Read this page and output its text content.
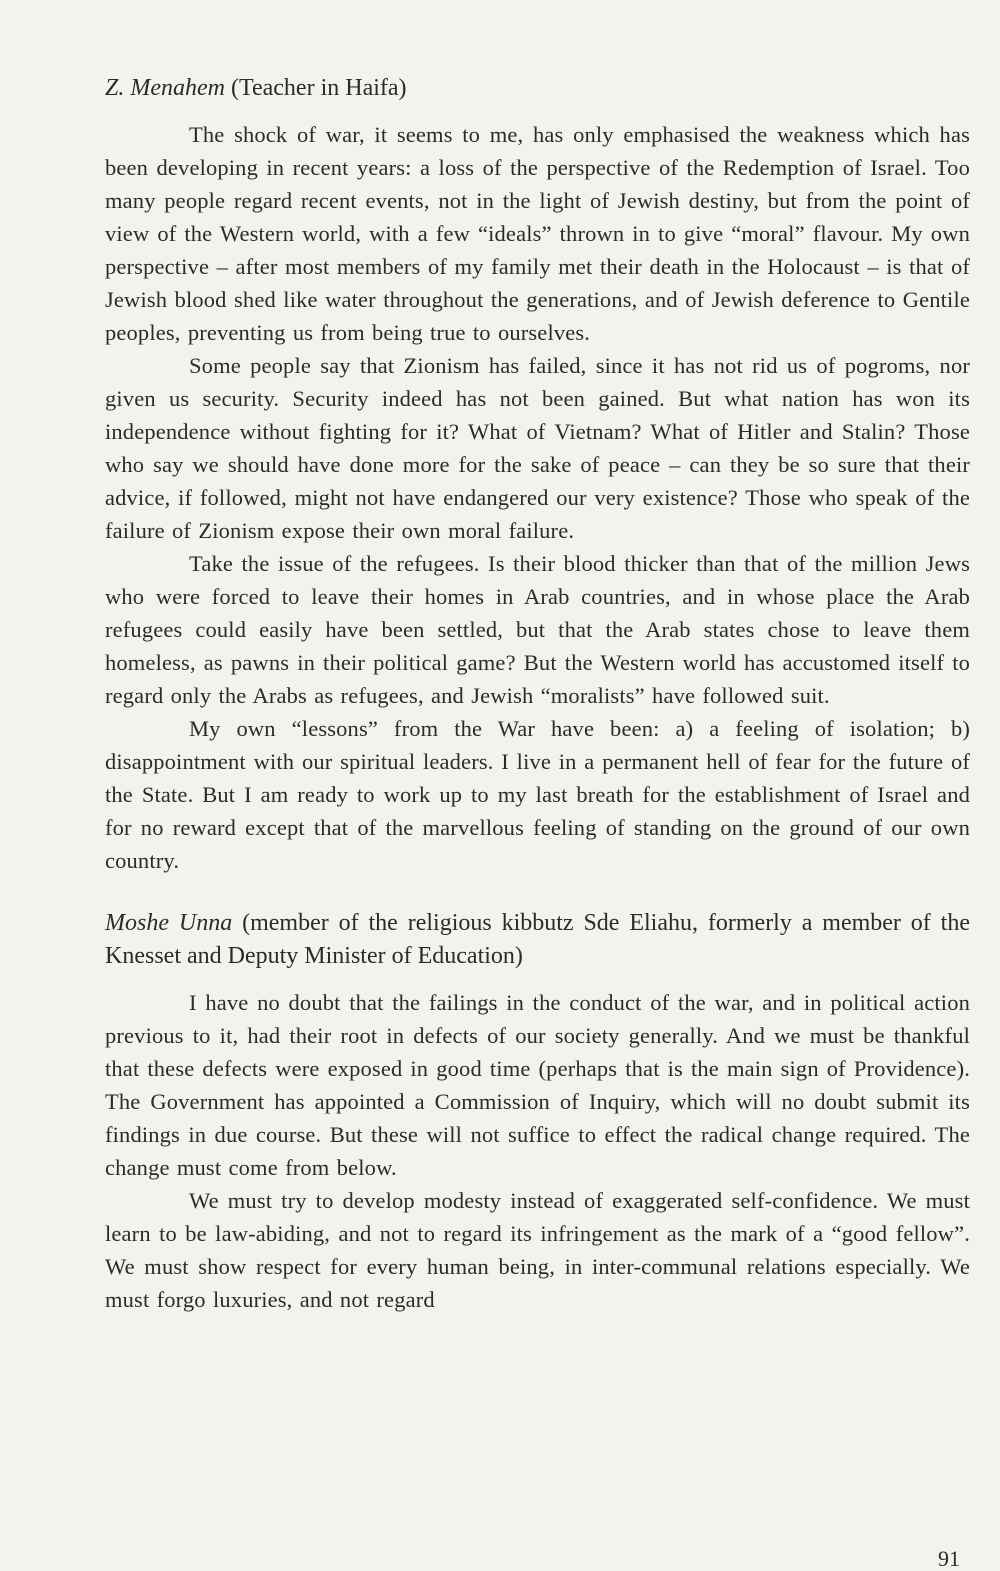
Z. Menahem (Teacher in Haifa)

The shock of war, it seems to me, has only emphasised the weakness which has been developing in recent years: a loss of the perspective of the Redemption of Israel. Too many people regard recent events, not in the light of Jewish destiny, but from the point of view of the Western world, with a few “ideals” thrown in to give “moral” flavour. My own perspective – after most members of my family met their death in the Holocaust – is that of Jewish blood shed like water throughout the generations, and of Jewish deference to Gentile peoples, preventing us from being true to ourselves.

Some people say that Zionism has failed, since it has not rid us of pogroms, nor given us security. Security indeed has not been gained. But what nation has won its independence without fighting for it? What of Vietnam? What of Hitler and Stalin? Those who say we should have done more for the sake of peace – can they be so sure that their advice, if followed, might not have endangered our very existence? Those who speak of the failure of Zionism expose their own moral failure.

Take the issue of the refugees. Is their blood thicker than that of the million Jews who were forced to leave their homes in Arab countries, and in whose place the Arab refugees could easily have been settled, but that the Arab states chose to leave them homeless, as pawns in their political game? But the Western world has accustomed itself to regard only the Arabs as refugees, and Jewish “moralists” have followed suit.

My own “lessons” from the War have been: a) a feeling of isolation; b) disappointment with our spiritual leaders. I live in a permanent hell of fear for the future of the State. But I am ready to work up to my last breath for the establishment of Israel and for no reward except that of the marvellous feeling of standing on the ground of our own country.

Moshe Unna (member of the religious kibbutz Sde Eliahu, formerly a member of the Knesset and Deputy Minister of Education)

I have no doubt that the failings in the conduct of the war, and in political action previous to it, had their root in defects of our society generally. And we must be thankful that these defects were exposed in good time (perhaps that is the main sign of Providence). The Government has appointed a Commission of Inquiry, which will no doubt submit its findings in due course. But these will not suffice to effect the radical change required. The change must come from below.

We must try to develop modesty instead of exaggerated self-confidence. We must learn to be law-abiding, and not to regard its infringement as the mark of a “good fellow”. We must show respect for every human being, in inter-communal relations especially. We must forgo luxuries, and not regard

91
